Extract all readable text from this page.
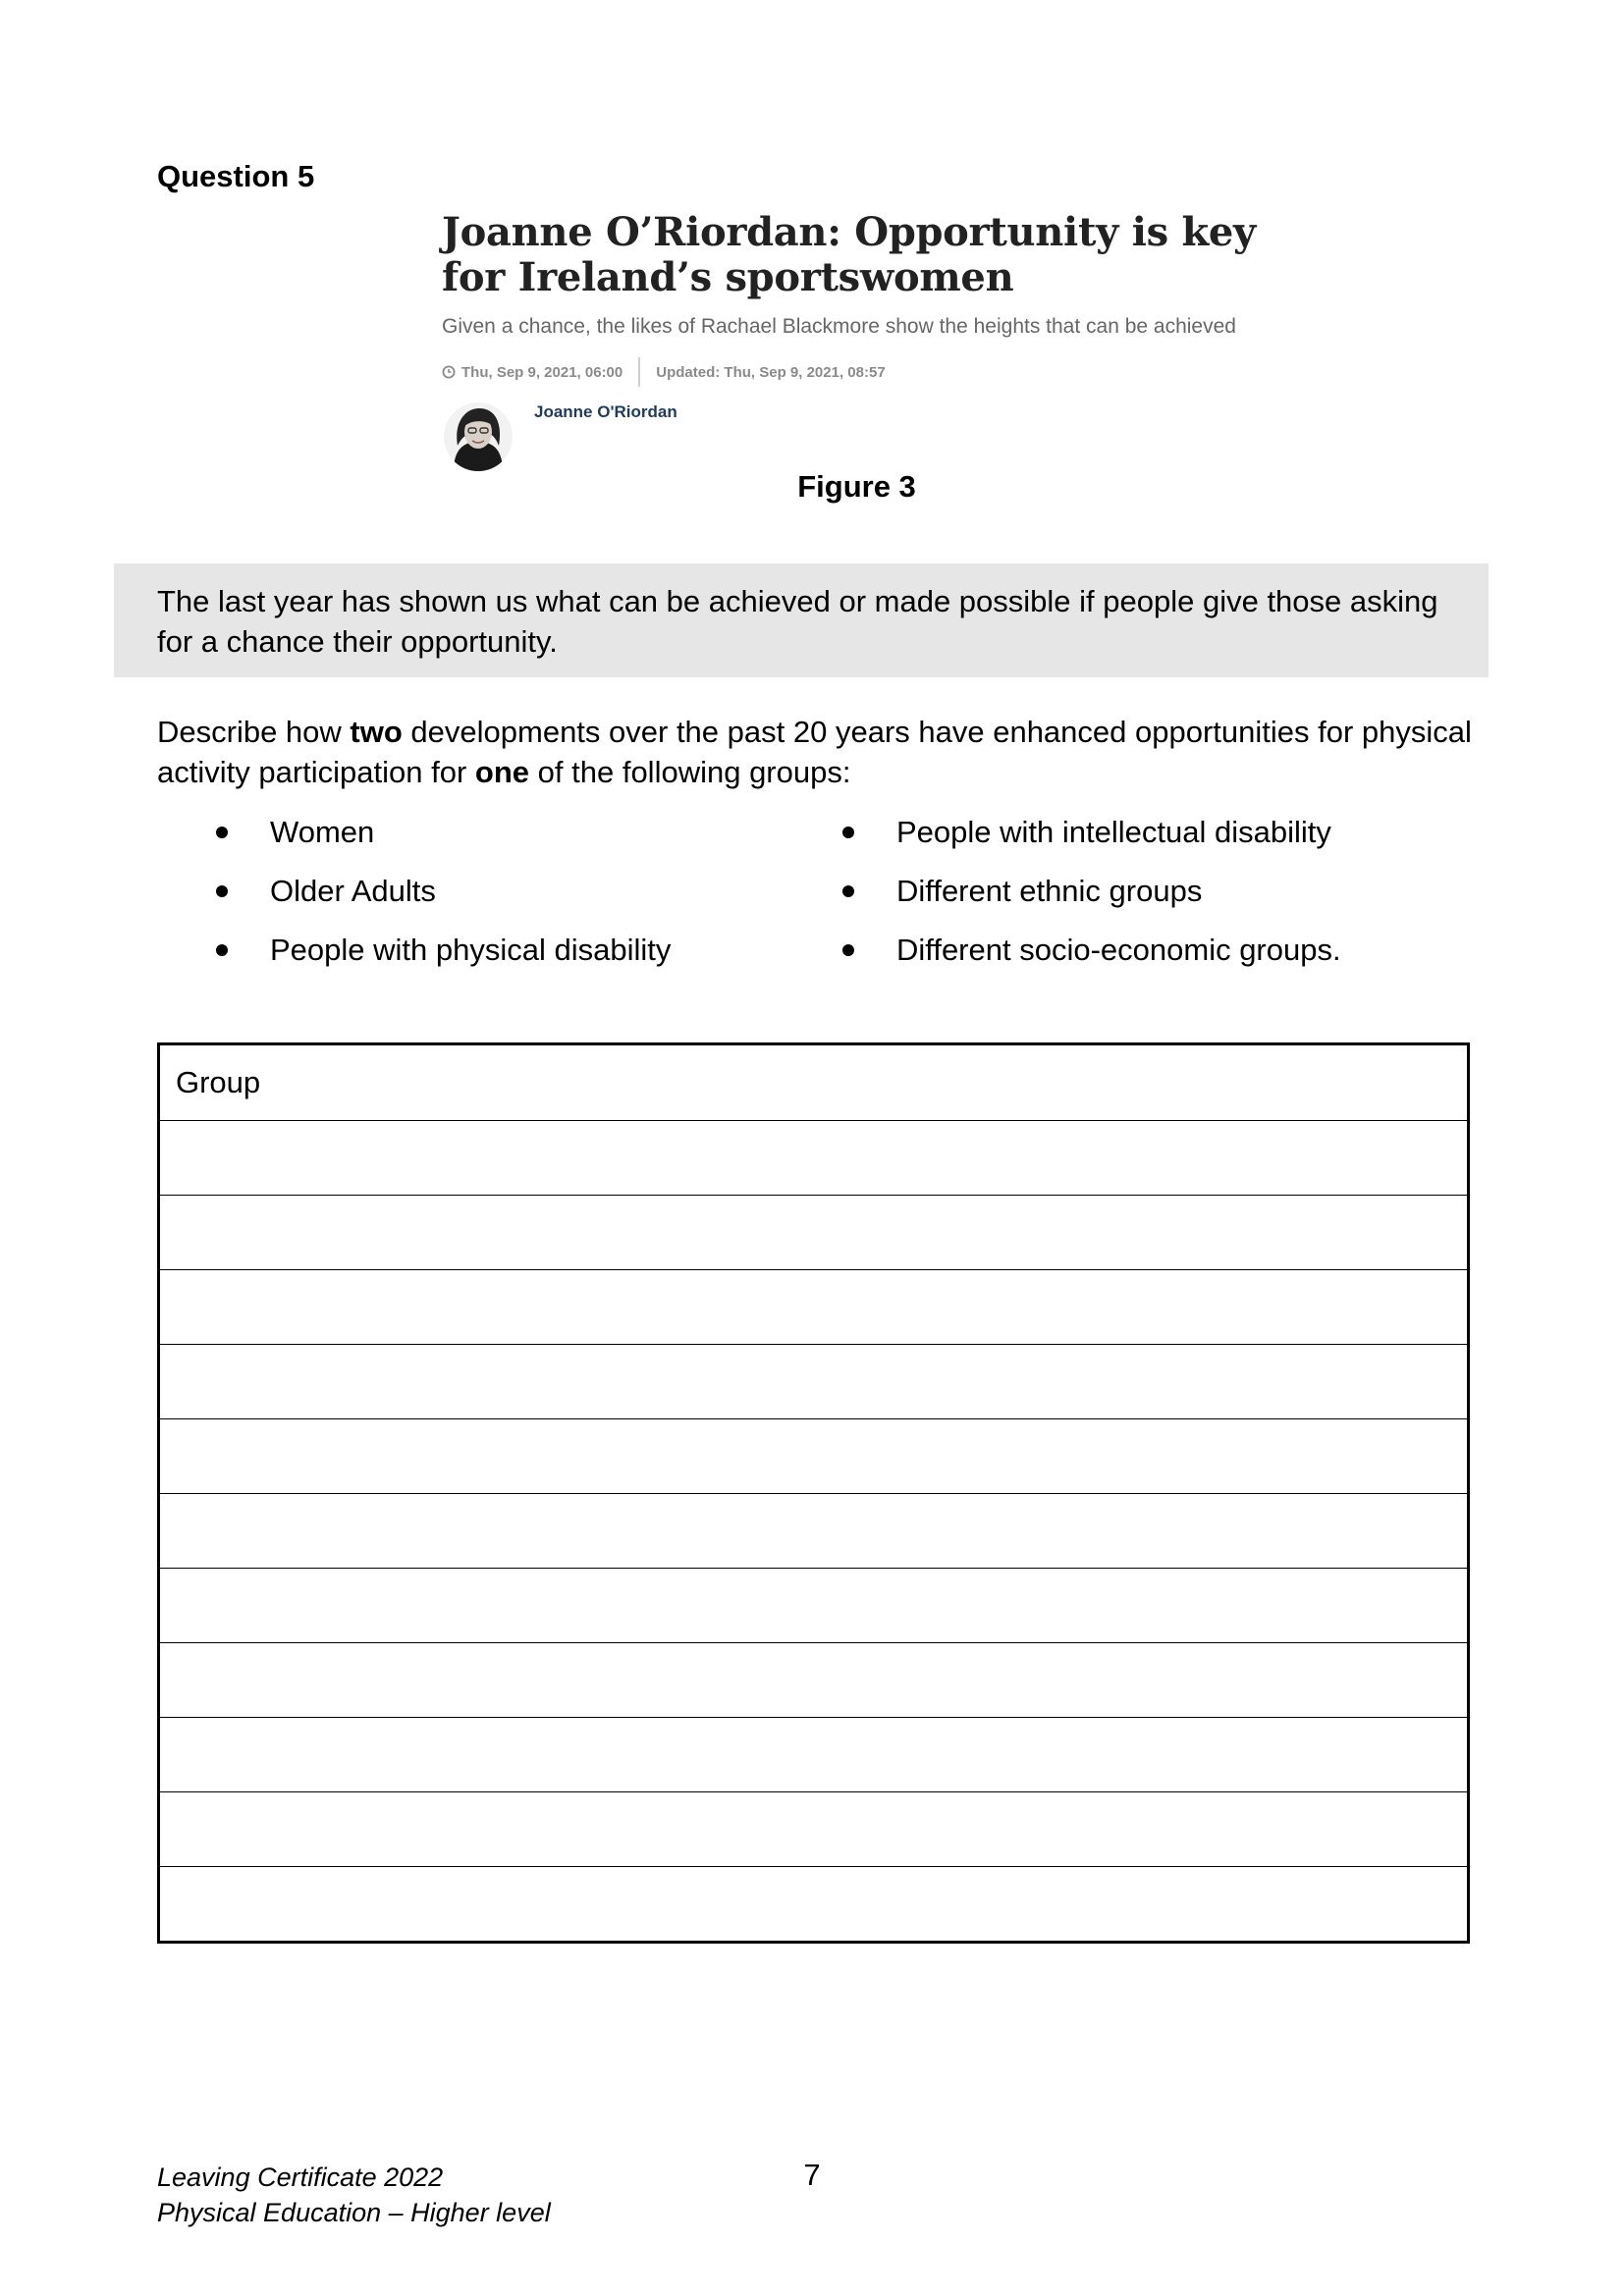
Question 5
Joanne O’Riordan: Opportunity is key for Ireland’s sportswomen
Given a chance, the likes of Rachael Blackmore show the heights that can be achieved
Thu, Sep 9, 2021, 06:00 Updated: Thu, Sep 9, 2021, 08:57
Joanne O'Riordan
Figure 3
The last year has shown us what can be achieved or made possible if people give those asking for a chance their opportunity.
Describe how two developments over the past 20 years have enhanced opportunities for physical activity participation for one of the following groups:
Women	People with intellectual disability
Older Adults	Different ethnic groups
People with physical disability	Different socio-economic groups.
Group
Leaving Certificate 2022
Physical Education – Higher level
7
